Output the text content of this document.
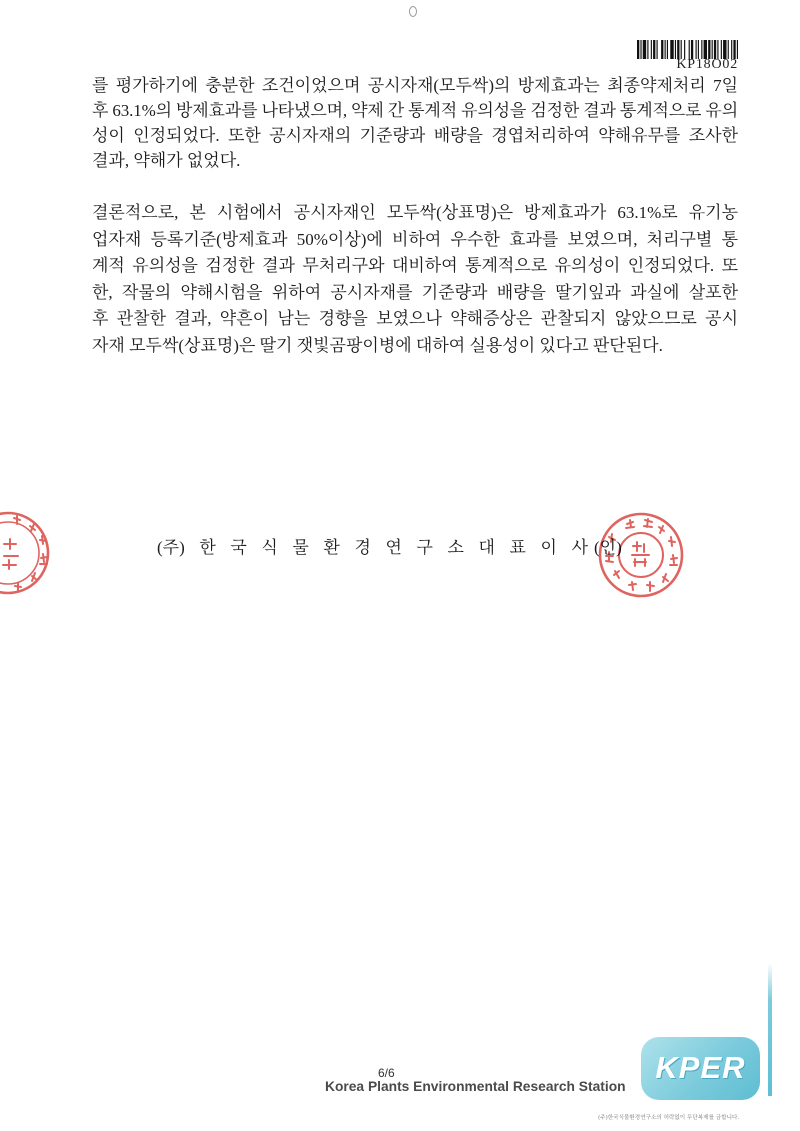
KP18O02
를 평가하기에 충분한 조건이었으며 공시자재(모두싹)의 방제효과는 최종약제처리 7일
후 63.1%의 방제효과를 나타냈으며, 약제 간 통계적 유의성을 검정한 결과 통계적으로 유의
성이 인정되었다. 또한 공시자재의 기준량과 배량을 경엽처리하여 약해유무를 조사한
결과, 약해가 없었다.
결론적으로, 본 시험에서 공시자재인 모두싹(상표명)은 방제효과가 63.1%로 유기농
업자재 등록기준(방제효과 50%이상)에 비하여 우수한 효과를 보였으며, 처리구별 통
계적 유의성을 검정한 결과 무처리구와 대비하여 통계적으로 유의성이 인정되었다. 또
한, 작물의 약해시험을 위하여 공시자재를 기준량과 배량을 딸기잎과 과실에 살포한
후 관찰한 결과, 약흔이 남는 경향을 보였으나 약해증상은 관찰되지 않았으므로 공시
자재 모두싹(상표명)은 딸기 잿빛곰팡이병에 대하여 실용성이 있다고 판단된다.
(주) 한 국 식 물 환 경 연 구 소 대 표 이 사 (인)
6/6
Korea Plants Environmental Research Station
KPER
(주)한국식물환경연구소의 허락없이 무단복제를 금합니다.
